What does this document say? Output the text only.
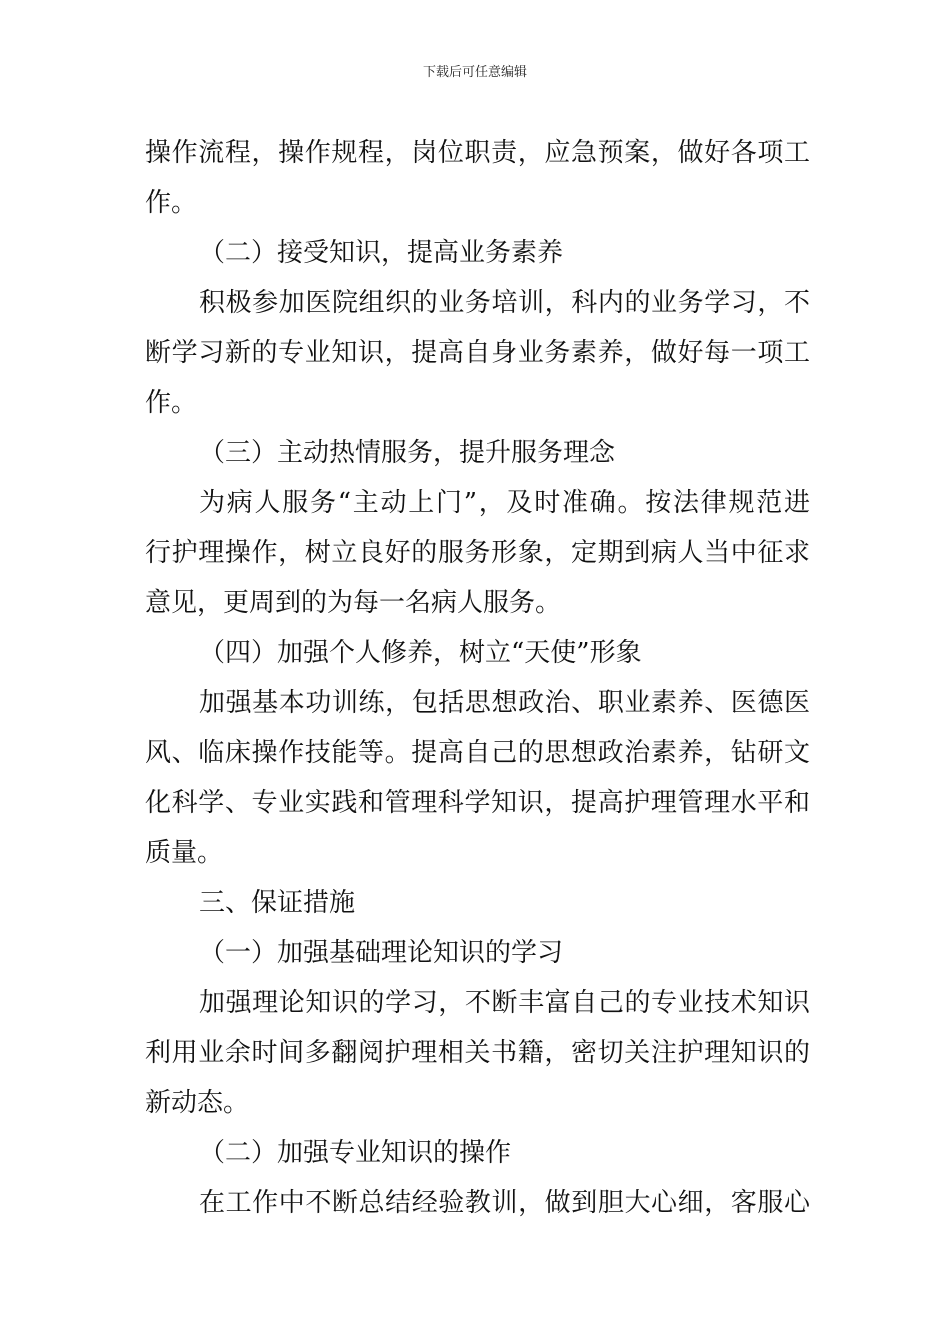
下载后可任意编辑
操作流程，操作规程，岗位职责，应急预案，做好各项工
作。
（二）接受知识，提高业务素养
积极参加医院组织的业务培训，科内的业务学习，不
断学习新的专业知识，提高自身业务素养，做好每一项工
作。
（三）主动热情服务，提升服务理念
为病人服务“主动上门”，及时准确。按法律规范进
行护理操作，树立良好的服务形象，定期到病人当中征求
意见，更周到的为每一名病人服务。
（四）加强个人修养，树立“天使”形象
加强基本功训练，包括思想政治、职业素养、医德医
风、临床操作技能等。提高自己的思想政治素养，钻研文
化科学、专业实践和管理科学知识，提高护理管理水平和
质量。
三、保证措施
（一）加强基础理论知识的学习
加强理论知识的学习，不断丰富自己的专业技术知识
利用业余时间多翻阅护理相关书籍，密切关注护理知识的
新动态。
（二）加强专业知识的操作
在工作中不断总结经验教训，做到胆大心细，客服心
